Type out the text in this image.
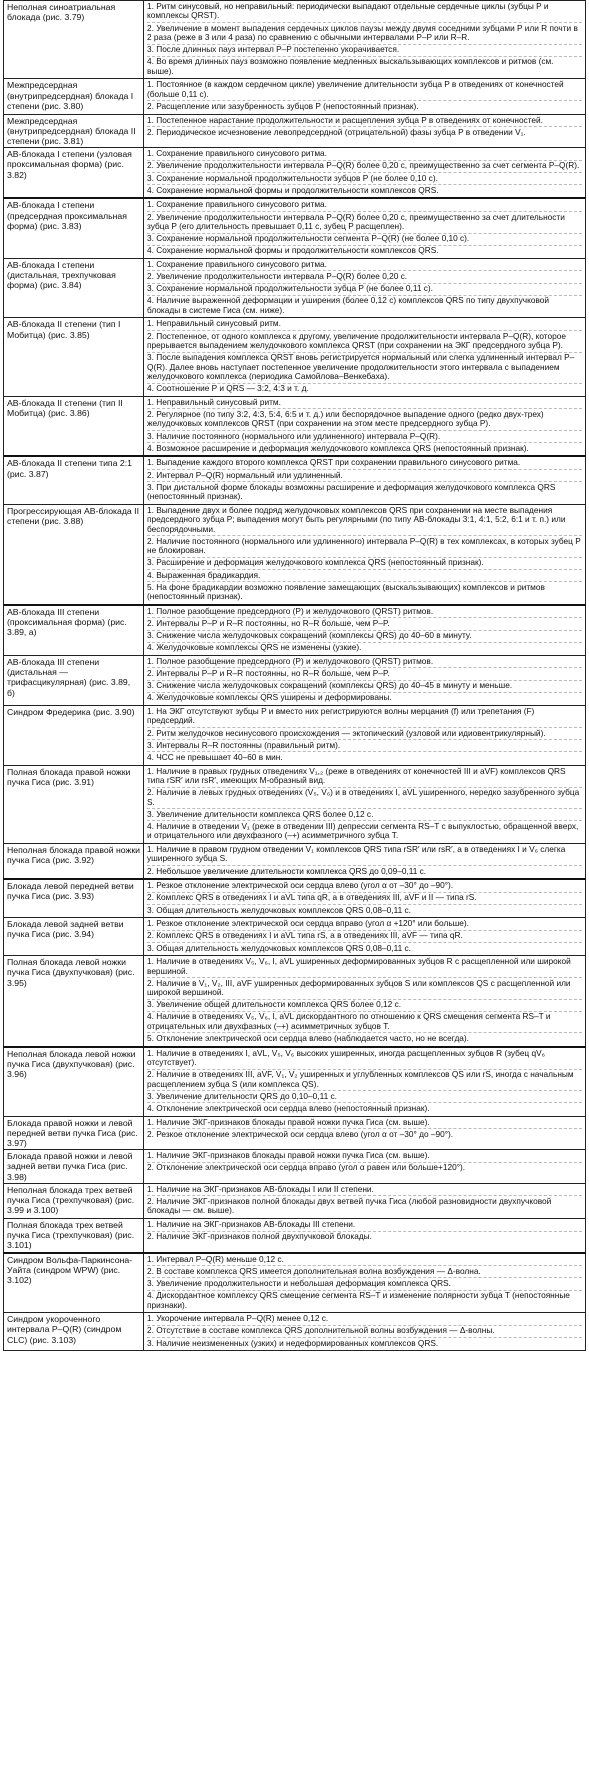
Неполная синоатриальная блокада (рис. 3.79)	1. Ритм синусовый, но неправильный: периодически выпадают отдельные сердечные циклы (зубцы P и комплексы QRST).
2. Увеличение в момент выпадения сердечных циклов паузы между двумя соседними зубцами P или R почти в 2 раза (реже в 3 или 4 раза) по сравнению с обычными интервалами P–P или R–R.
3. После длинных пауз интервал P–P постепенно укорачивается.
4. Во время длинных пауз возможно появление медленных выскальзывающих комплексов и ритмов (см. выше).

Межпредсердная (внутрипредсердная) блокада I степени (рис. 3.80)	1. Постоянное (в каждом сердечном цикле) увеличение длительности зубца P в отведениях от конечностей (больше 0,11 с).
2. Расщепление или зазубренность зубцов P (непостоянный признак).

Межпредсердная (внутрипредсердная) блокада II степени (рис. 3.81)	1. Постепенное нарастание продолжительности и расщепления зубца P в отведениях от конечностей.
2. Периодическое исчезновение левопредсердной (отрицательной) фазы зубца P в отведении V₁.

АВ-блокада I степени (узловая проксимальная форма) (рис. 3.82)	1. Сохранение правильного синусового ритма.
2. Увеличение продолжительности интервала P–Q(R) более 0,20 с, преимущественно за счет сегмента P–Q(R).
3. Сохранение нормальной продолжительности зубцов P (не более 0,10 с).
4. Сохранение нормальной формы и продолжительности комплексов QRS.

АВ-блокада I степени (предсердная проксимальная форма) (рис. 3.83)	1. Сохранение правильного синусового ритма.
2. Увеличение продолжительности интервала P–Q(R) более 0,20 с, преимущественно за счет длительности зубца P (его длительность превышает 0,11 с, зубец P расщеплен).
3. Сохранение нормальной продолжительности сегмента P–Q(R) (не более 0,10 с).
4. Сохранение нормальной формы и продолжительности комплексов QRS.

АВ-блокада I степени (дистальная, трехпучковая форма) (рис. 3.84)	1. Сохранение правильного синусового ритма.
2. Увеличение продолжительности интервала P–Q(R) более 0,20 с.
3. Сохранение нормальной продолжительности зубца P (не более 0,11 с).
4. Наличие выраженной деформации и уширения (более 0,12 с) комплексов QRS по типу двухпучковой блокады в системе Гиса (см. ниже).

АВ-блокада II степени (тип I Мобитца) (рис. 3.85)	1. Неправильный синусовый ритм.
2. Постепенное, от одного комплекса к другому, увеличение продолжительности интервала P–Q(R), которое прерывается выпадением желудочкового комплекса QRST (при сохранении на ЭКГ предсердного зубца P).
3. После выпадения комплекса QRST вновь регистрируется нормальный или слегка удлиненный интервал P–Q(R). Далее вновь наступает постепенное увеличение продолжительности этого интервала с выпадением желудочкового комплекса (периодика Самойлова–Венкебаха).
4. Соотношение P и QRS — 3:2, 4:3 и т. д.

АВ-блокада II степени (тип II Мобитца) (рис. 3.86)	1. Неправильный синусовый ритм.
2. Регулярное (по типу 3:2, 4:3, 5:4, 6:5 и т. д.) или беспорядочное выпадение одного (редко двух-трех) желудочковых комплексов QRST (при сохранении на этом месте предсердного зубца P).
3. Наличие постоянного (нормального или удлиненного) интервала P–Q(R).
4. Возможное расширение и деформация желудочкового комплекса QRS (непостоянный признак).

АВ-блокада II степени типа 2:1 (рис. 3.87)	1. Выпадение каждого второго комплекса QRST при сохранении правильного синусового ритма.
2. Интервал P–Q(R) нормальный или удлиненный.
3. При дистальной форме блокады возможны расширение и деформация желудочкового комплекса QRS (непостоянный признак).

Прогрессирующая АВ-блокада II степени (рис. 3.88)	1. Выпадение двух и более подряд желудочковых комплексов QRS при сохранении на месте выпадения предсердного зубца P; выпадения могут быть регулярными (по типу АВ-блокады 3:1, 4:1, 5:2, 6:1 и т. п.) или беспорядочными.
2. Наличие постоянного (нормального или удлиненного) интервала P–Q(R) в тех комплексах, в которых зубец P не блокирован.
3. Расширение и деформация желудочкового комплекса QRS (непостоянный признак).
4. Выраженная брадикардия.
5. На фоне брадикардии возможно появление замещающих (выскальзывающих) комплексов и ритмов (непостоянный признак).

АВ-блокада III степени (проксимальная форма) (рис. 3.89, а)	1. Полное разобщение предсердного (P) и желудочкового (QRST) ритмов.
2. Интервалы P–P и R–R постоянны, но R–R больше, чем P–P.
3. Снижение числа желудочковых сокращений (комплексы QRS) до 40–60 в минуту.
4. Желудочковые комплексы QRS не изменены (узкие).

АВ-блокада III степени (дистальная — трифасцикулярная) (рис. 3.89, б)	1. Полное разобщение предсердного (P) и желудочкового (QRST) ритмов.
2. Интервалы P–P и R–R постоянны, но R–R больше, чем P–P.
3. Снижение числа желудочковых сокращений (комплексы QRS) до 40–45 в минуту и меньше.
4. Желудочковые комплексы QRS уширены и деформированы.

Синдром Фредерика (рис. 3.90)	1. На ЭКГ отсутствуют зубцы P и вместо них регистрируются волны мерцания (f) или трепетания (F) предсердий.
2. Ритм желудочков несинусового происхождения — эктопический (узловой или идиовентрикулярный).
3. Интервалы R–R постоянны (правильный ритм).
4. ЧСС не превышает 40–60 в мин.

Полная блокада правой ножки пучка Гиса (рис. 3.91)	1. Наличие в правых грудных отведениях V₁,₂ (реже в отведениях от конечностей III и aVF) комплексов QRS типа rSR′ или rsR′, имеющих M-образный вид.
2. Наличие в левых грудных отведениях (V₅, V₆) и в отведениях I, aVL уширенного, нередко зазубренного зубца S.
3. Увеличение длительности комплекса QRS более 0,12 с.
4. Наличие в отведении V₁ (реже в отведении III) депрессии сегмента RS–T с выпуклостью, обращенной вверх, и отрицательного или двухфазного (–+) асимметричного зубца T.

Неполная блокада правой ножки пучка Гиса (рис. 3.92)	1. Наличие в правом грудном отведении V₁ комплексов QRS типа rSR′ или rsR′, а в отведениях I и V₆ слегка уширенного зубца S.
2. Небольшое увеличение длительности комплекса QRS до 0,09–0,11 с.

Блокада левой передней ветви пучка Гиса (рис. 3.93)	1. Резкое отклонение электрической оси сердца влево (угол α от –30° до –90°).
2. Комплекс QRS в отведениях I и aVL типа qR, а в отведениях III, aVF и II — типа rS.
3. Общая длительность желудочковых комплексов QRS 0,08–0,11 с.

Блокада левой задней ветви пучка Гиса (рис. 3.94)	1. Резкое отклонение электрической оси сердца вправо (угол α +120° или больше).
2. Комплекс QRS в отведениях I и aVL типа rS, а в отведениях III, aVF — типа qR.
3. Общая длительность желудочковых комплексов QRS 0,08–0,11 с.

Полная блокада левой ножки пучка Гиса (двухпучковая) (рис. 3.95)	1. Наличие в отведениях V₅, V₆, I, aVL уширенных деформированных зубцов R с расщепленной или широкой вершиной.
2. Наличие в V₁, V₂, III, aVF уширенных деформированных зубцов S или комплексов QS с расщепленной или широкой вершиной.
3. Увеличение общей длительности комплекса QRS более 0,12 с.
4. Наличие в отведениях V₅, V₆, I, aVL дискордантного по отношению к QRS смещения сегмента RS–T и отрицательных или двухфазных (–+) асимметричных зубцов T.
5. Отклонение электрической оси сердца влево (наблюдается часто, но не всегда).

Неполная блокада левой ножки пучка Гиса (двухпучковая) (рис. 3.96)	1. Наличие в отведениях I, aVL, V₅, V₆ высоких уширенных, иногда расщепленных зубцов R (зубец qV₆ отсутствует).
2. Наличие в отведениях III, aVF, V₁, V₂ уширенных и углубленных комплексов QS или rS, иногда с начальным расщеплением зубца S (или комплекса QS).
3. Увеличение длительности QRS до 0,10–0,11 с.
4. Отклонение электрической оси сердца влево (непостоянный признак).

Блокада правой ножки и левой передней ветви пучка Гиса (рис. 3.97)	1. Наличие ЭКГ-признаков блокады правой ножки пучка Гиса (см. выше).
2. Резкое отклонение электрической оси сердца влево (угол α от –30° до –90°).

Блокада правой ножки и левой задней ветви пучка Гиса (рис. 3.98)	1. Наличие ЭКГ-признаков блокады правой ножки пучка Гиса (см. выше).
2. Отклонение электрической оси сердца вправо (угол α равен или больше+120°).

Неполная блокада трех ветвей пучка Гиса (трехпучковая) (рис. 3.99 и 3.100)	1. Наличие на ЭКГ-признаков АВ-блокады I или II степени.
2. Наличие ЭКГ-признаков полной блокады двух ветвей пучка Гиса (любой разновидности двухпучковой блокады — см. выше).

Полная блокада трех ветвей пучка Гиса (трехпучковая) (рис. 3.101)	1. Наличие на ЭКГ-признаков АВ-блокады III степени.
2. Наличие ЭКГ-признаков полной двухпучковой блокады.

Синдром Вольфа-Паркинсона-Уайта (синдром WPW) (рис. 3.102)	1. Интервал P–Q(R) меньше 0,12 с.
2. В составе комплекса QRS имеется дополнительная волна возбуждения — Δ-волна.
3. Увеличение продолжительности и небольшая деформация комплекса QRS.
4. Дискордантное комплексу QRS смещение сегмента RS–T и изменение полярности зубца T (непостоянные признаки).

Синдром укороченного интервала P–Q(R) (синдром CLC) (рис. 3.103)	1. Укорочение интервала P–Q(R) менее 0,12 с.
2. Отсутствие в составе комплекса QRS дополнительной волны возбуждения — Δ-волны.
3. Наличие неизмененных (узких) и недеформированных комплексов QRS.
